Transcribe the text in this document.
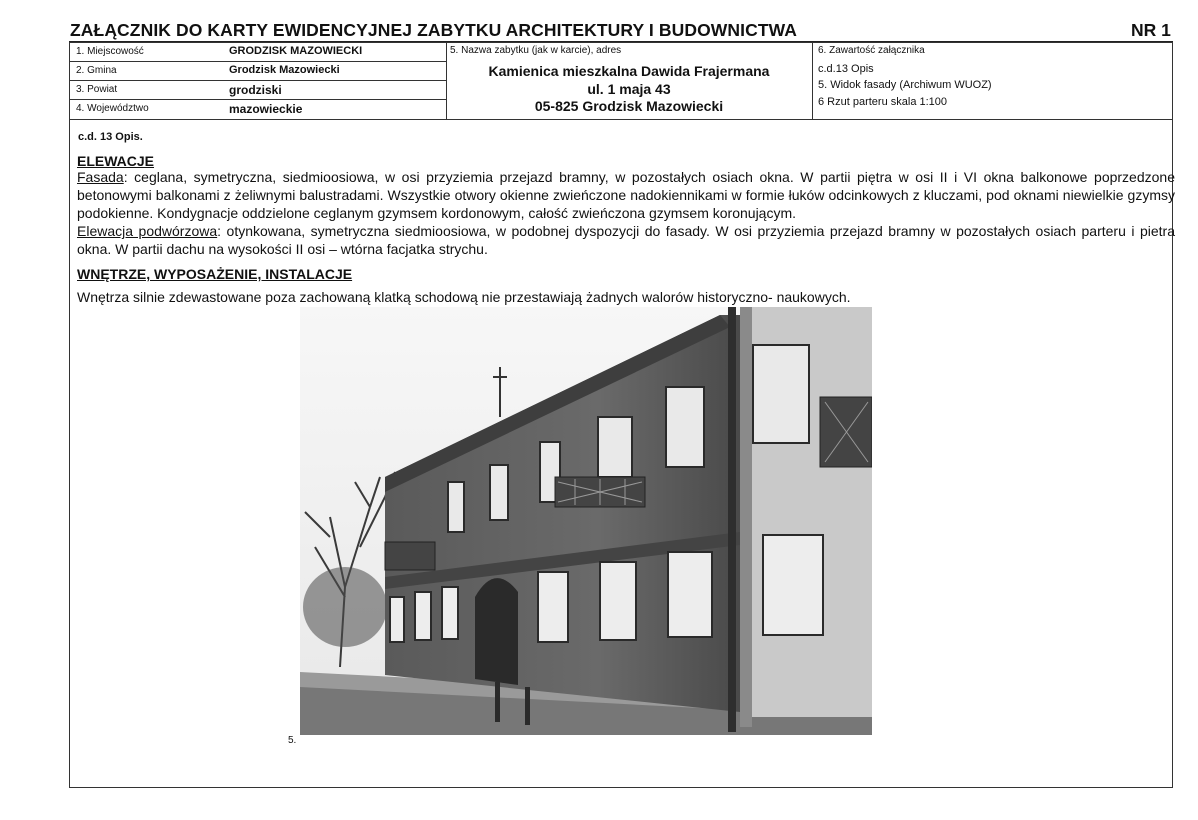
ZAŁĄCZNIK DO KARTY EWIDENCYJNEJ ZABYTKU ARCHITEKTURY I BUDOWNICTWA	NR 1
1. Miejscowość	GRODZISK MAZOWIECKI
2. Gmina	Grodzisk Mazowiecki
3. Powiat	grodziski
4. Województwo	mazowieckie
5. Nazwa zabytku (jak w karcie), adres
Kamienica mieszkalna Dawida Frajermana
ul. 1 maja 43
05-825 Grodzisk Mazowiecki
6. Zawartość załącznika
c.d.13 Opis
5. Widok fasady (Archiwum WUOZ)
6 Rzut parteru skala 1:100
c.d. 13 Opis.
ELEWACJE
Fasada: ceglana, symetryczna, siedmioosiowa, w osi przyziemia przejazd bramny, w pozostałych osiach okna. W partii piętra w osi II i VI okna balkonowe poprzedzone betonowymi balkonami z żeliwnymi balustradami. Wszystkie otwory okienne zwieńczone nadokiennikami w formie łuków odcinkowych z kluczami, pod oknami niewielkie gzymsy podokienne. Kondygnacje oddzielone ceglanym gzymsem kordonowym, całość zwieńczona gzymsem koronującym.
Elewacja podwórzowa: otynkowana, symetryczna siedmioosiowa, w podobnej dyspozycji do fasady. W osi przyziemia przejazd bramny w pozostałych osiach parteru i pietra okna. W partii dachu na wysokości II osi – wtórna facjatka strychu.
WNĘTRZE, WYPOSAŻENIE, INSTALACJE
Wnętrza silnie zdewastowane poza zachowaną klatką schodową nie przestawiają żadnych walorów historyczno- naukowych.
5.
